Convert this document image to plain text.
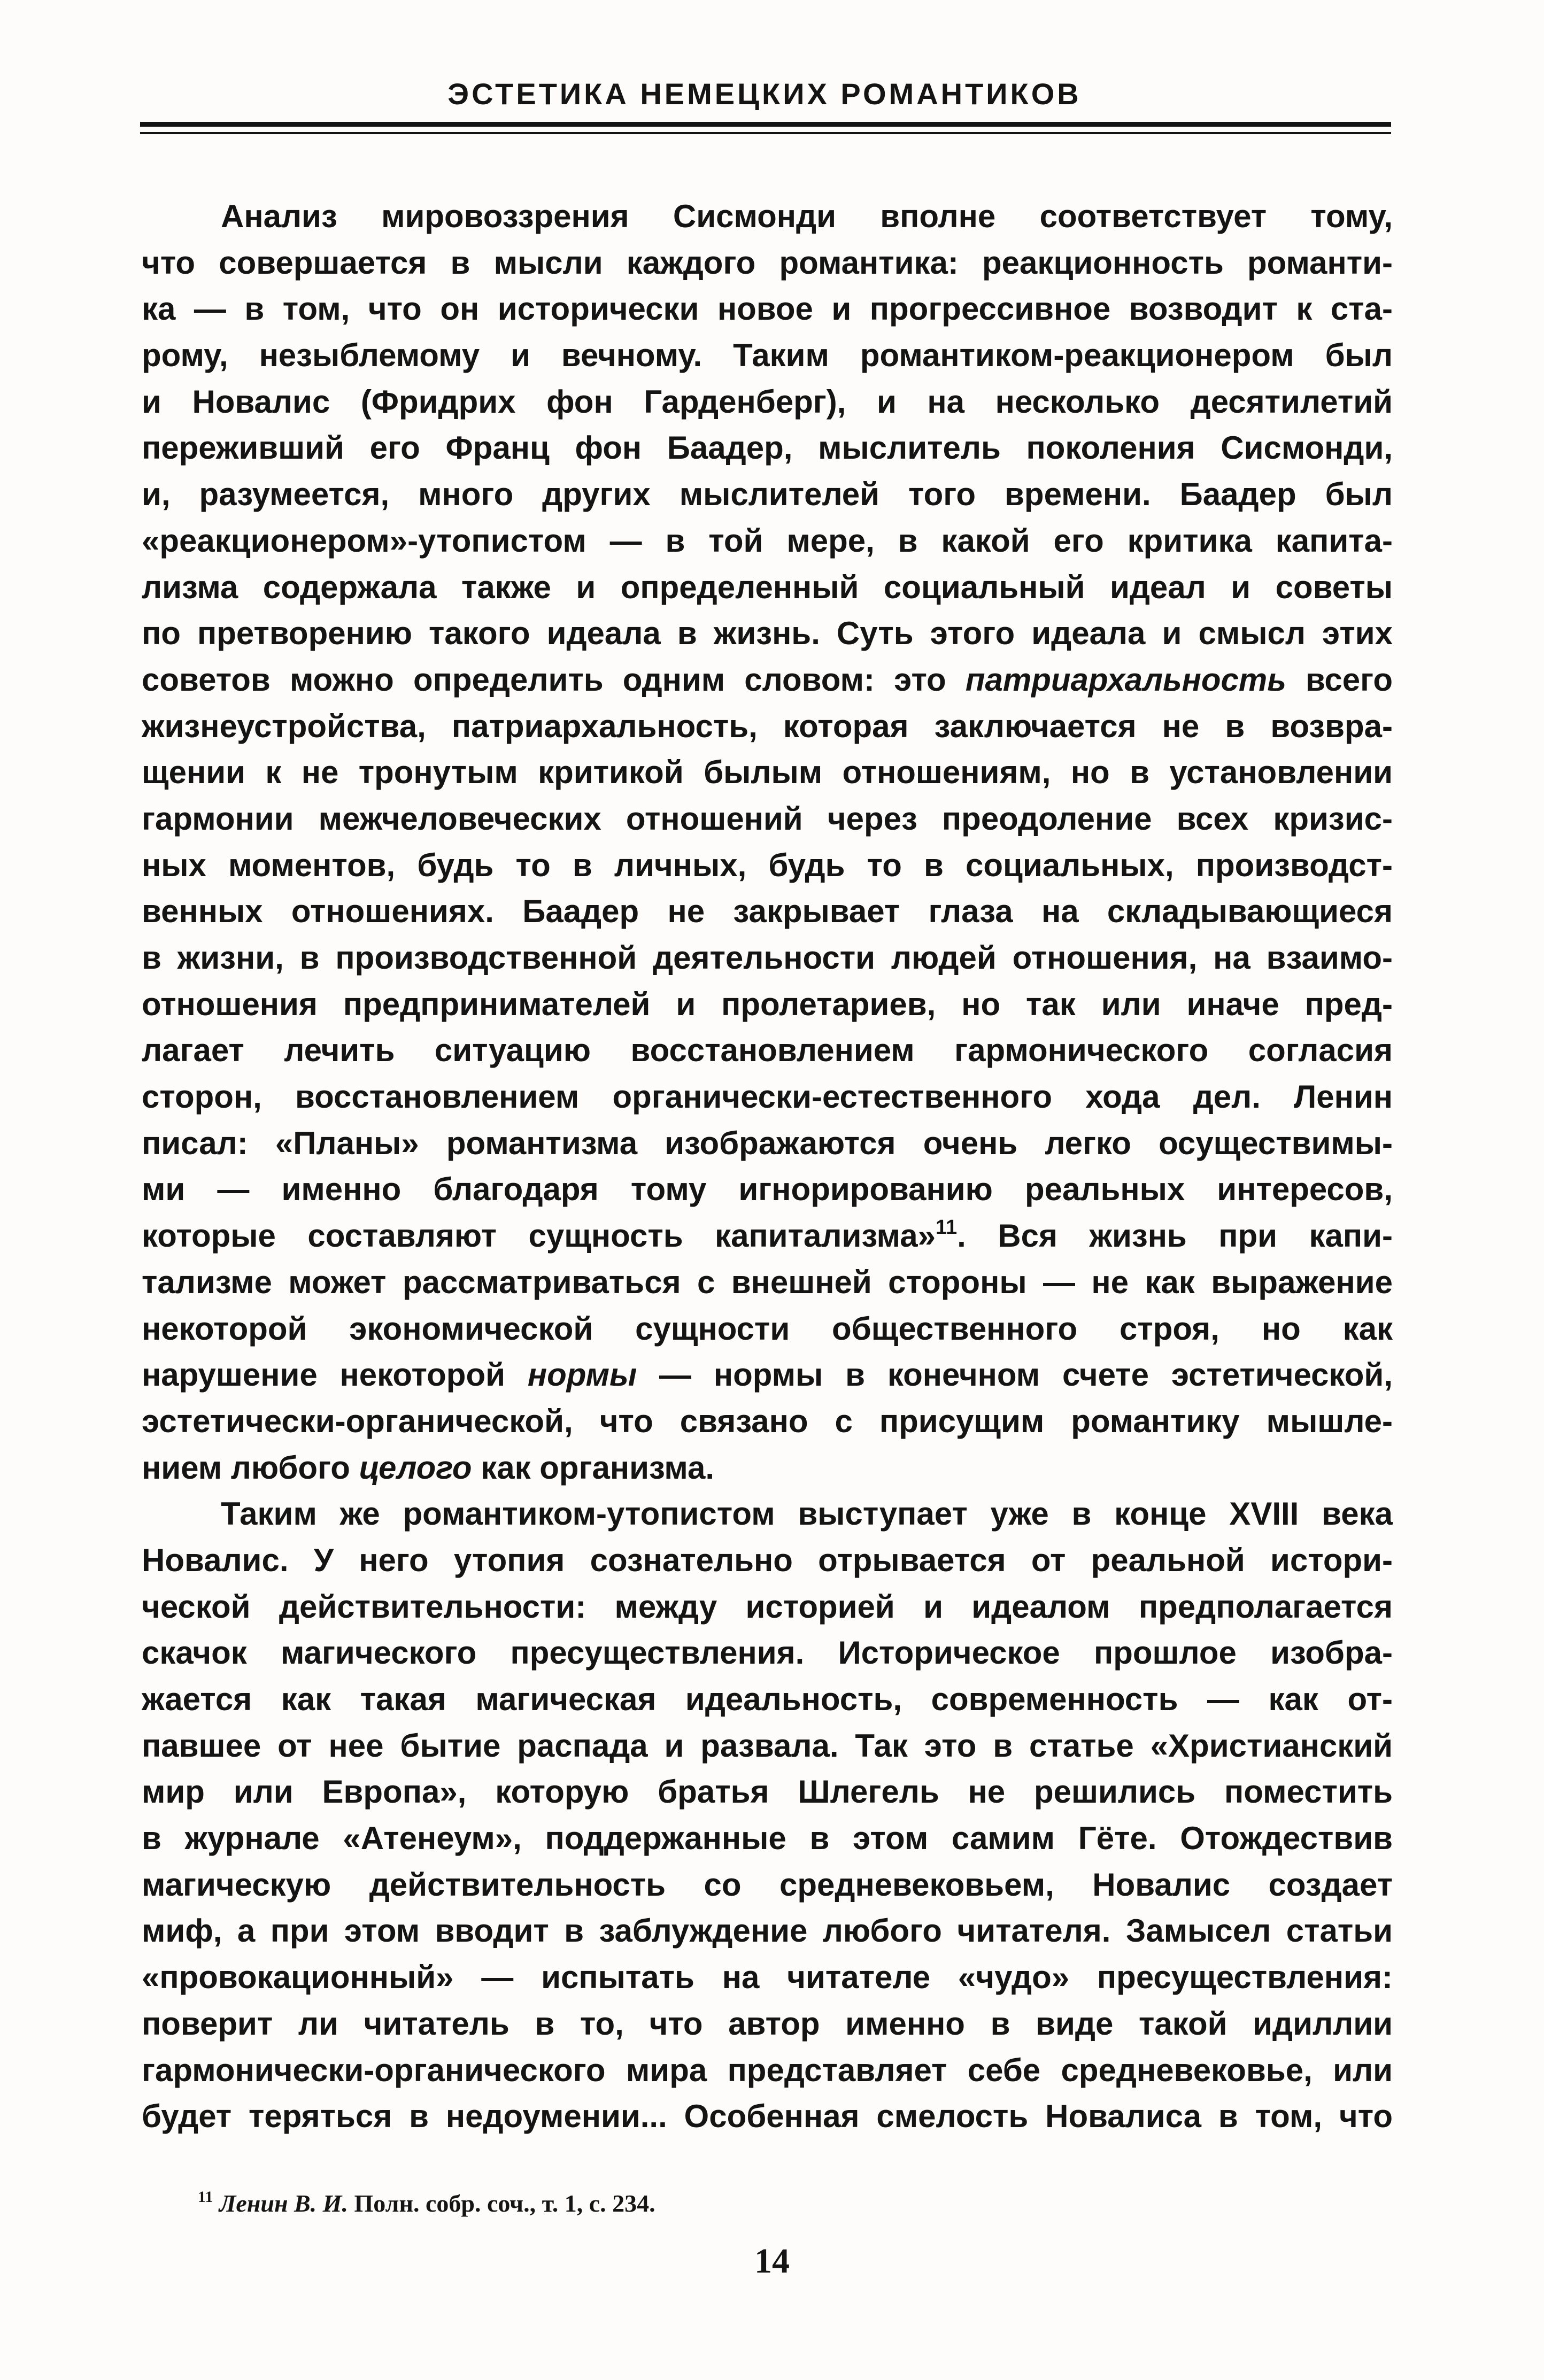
ЭСТЕТИКА НЕМЕЦКИХ РОМАНТИКОВ
Анализ мировоззрения Сисмонди вполне соответствует тому,
что совершается в мысли каждого романтика: реакционность романти-
ка — в том, что он исторически новое и прогрессивное возводит к ста-
рому, незыблемому и вечному. Таким романтиком-реакционером был
и Новалис (Фридрих фон Гарденберг), и на несколько десятилетий
переживший его Франц фон Баадер, мыслитель поколения Сисмонди,
и, разумеется, много других мыслителей того времени. Баадер был
«реакционером»-утопистом — в той мере, в какой его критика капита-
лизма содержала также и определенный социальный идеал и советы
по претворению такого идеала в жизнь. Суть этого идеала и смысл этих
советов можно определить одним словом: это патриархальность всего
жизнеустройства, патриархальность, которая заключается не в возвра-
щении к не тронутым критикой былым отношениям, но в установлении
гармонии межчеловеческих отношений через преодоление всех кризис-
ных моментов, будь то в личных, будь то в социальных, производст-
венных отношениях. Баадер не закрывает глаза на складывающиеся
в жизни, в производственной деятельности людей отношения, на взаимо-
отношения предпринимателей и пролетариев, но так или иначе пред-
лагает лечить ситуацию восстановлением гармонического согласия
сторон, восстановлением органически-естественного хода дел. Ленин
писал: «Планы» романтизма изображаются очень легко осуществимы-
ми — именно благодаря тому игнорированию реальных интересов,
которые составляют сущность капитализма»$^{11}$. Вся жизнь при капи-
тализме может рассматриваться с внешней стороны — не как выражение
некоторой экономической сущности общественного строя, но как
нарушение некоторой нормы — нормы в конечном счете эстетической,
эстетически-органической, что связано с присущим романтику мышле-
нием любого целого как организма.
Таким же романтиком-утопистом выступает уже в конце XVIII века
Новалис. У него утопия сознательно отрывается от реальной истори-
ческой действительности: между историей и идеалом предполагается
скачок магического пресуществления. Историческое прошлое изобра-
жается как такая магическая идеальность, современность — как от-
павшее от нее бытие распада и развала. Так это в статье «Христианский
мир или Европа», которую братья Шлегель не решились поместить
в журнале «Атенеум», поддержанные в этом самим Гёте. Отождествив
магическую действительность со средневековьем, Новалис создает
миф, а при этом вводит в заблуждение любого читателя. Замысел статьи
«провокационный» — испытать на читателе «чудо» пресуществления:
поверит ли читатель в то, что автор именно в виде такой идиллии
гармонически-органического мира представляет себе средневековье, или
будет теряться в недоумении... Особенная смелость Новалиса в том, что
$^{11}$ Ленин В. И. Полн. собр. соч., т. 1, с. 234.
14
